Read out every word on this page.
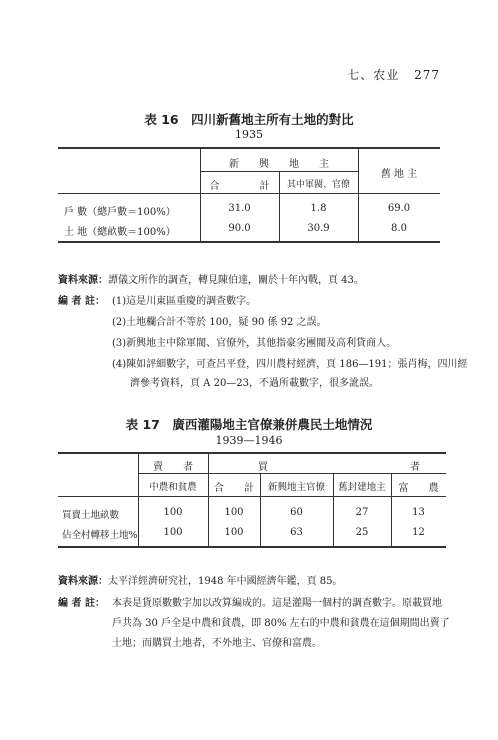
七、农业 277
表 16　四川新舊地主所有土地的對比
1935
新　　興　　地　　主
合　　　　計	其中軍閥、官僚
舊 地 主
戶 數（總戶數＝100%）	31.0	1.8	69.0
土 地（總畝數＝100%）	90.0	30.9	8.0
資料來源：譚儀文所作的調查，轉見陳伯達，關於十年內戰，頁 43。
編 者 註： (1)這是川東區重慶的調查數字。
(2)土地欄合計不等於 100，疑 90 係 92 之誤。
(3)新興地主中除軍閥、官僚外，其他指豪劣團閥及高利貸商人。
(4)陳如評細數字，可查呂平登，四川農村經濟，頁 186—191；張肖梅，四川經
濟參考資料，頁 A 20—23，不過所載數字，很多訛誤。
表 17　廣西灌陽地主官僚兼併農民土地情況
1939—1946
賣　　者	買	者
中農和貧農	合　　計	新興地主官僚	舊封建地主	富　　農
買賣土地畝數	100	100	60	27	13
佔全村轉移土地%	100	100	63	25	12
資料來源：太平洋經濟研究社，1948 年中國經濟年鑑，頁 85。
編 者 註： 本表是貨原數數字加以改算編成的。這是灌陽一個村的調查數字。原載買地
戶共為 30 戶全是中農和貧農，即 80% 左右的中農和貧農在這個期間出賣了
土地；而購買土地者，不外地主、官僚和富農。
